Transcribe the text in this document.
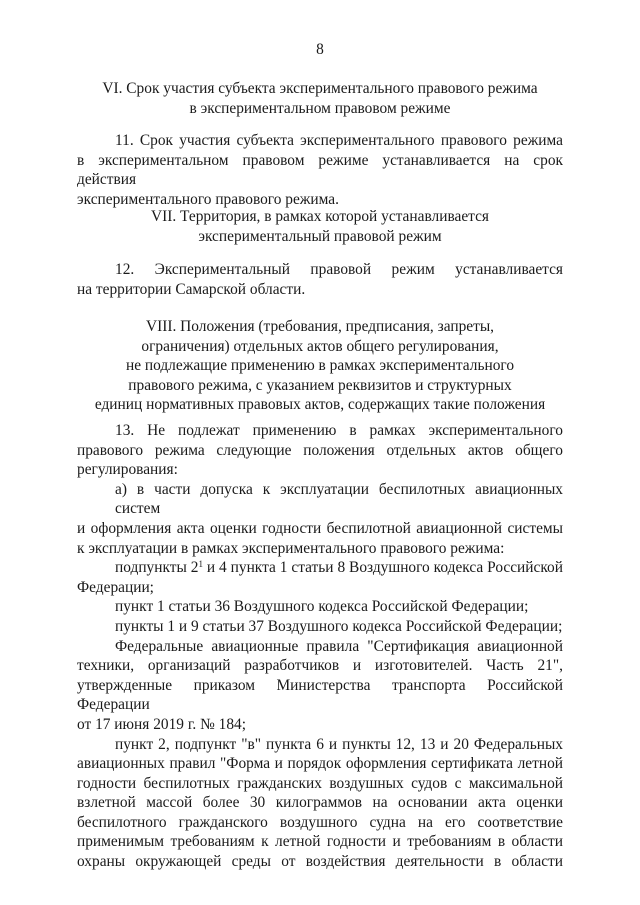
8
VI. Срок участия субъекта экспериментального правового режима
в экспериментальном правовом режиме
11. Срок участия субъекта экспериментального правового режима
в экспериментальном правовом режиме устанавливается на срок действия
экспериментального правового режима.
VII. Территория, в рамках которой устанавливается
экспериментальный правовой режим
12. Экспериментальный правовой режим устанавливается
на территории Самарской области.
VIII. Положения (требования, предписания, запреты,
ограничения) отдельных актов общего регулирования,
не подлежащие применению в рамках экспериментального
правового режима, с указанием реквизитов и структурных
единиц нормативных правовых актов, содержащих такие положения
13. Не подлежат применению в рамках экспериментального
правового режима следующие положения отдельных актов общего
регулирования:
а) в части допуска к эксплуатации беспилотных авиационных систем
и оформления акта оценки годности беспилотной авиационной системы
к эксплуатации в рамках экспериментального правового режима:
подпункты $2^1$ и 4 пункта 1 статьи 8 Воздушного кодекса Российской
Федерации;
пункт 1 статьи 36 Воздушного кодекса Российской Федерации;
пункты 1 и 9 статьи 37 Воздушного кодекса Российской Федерации;
Федеральные авиационные правила "Сертификация авиационной
техники, организаций разработчиков и изготовителей. Часть 21",
утвержденные приказом Министерства транспорта Российской Федерации
от 17 июня 2019 г. № 184;
пункт 2, подпункт "в" пункта 6 и пункты 12, 13 и 20 Федеральных
авиационных правил "Форма и порядок оформления сертификата летной
годности беспилотных гражданских воздушных судов с максимальной
взлетной массой более 30 килограммов на основании акта оценки
беспилотного гражданского воздушного судна на его соответствие
применимым требованиям к летной годности и требованиям в области
охраны окружающей среды от воздействия деятельности в области
